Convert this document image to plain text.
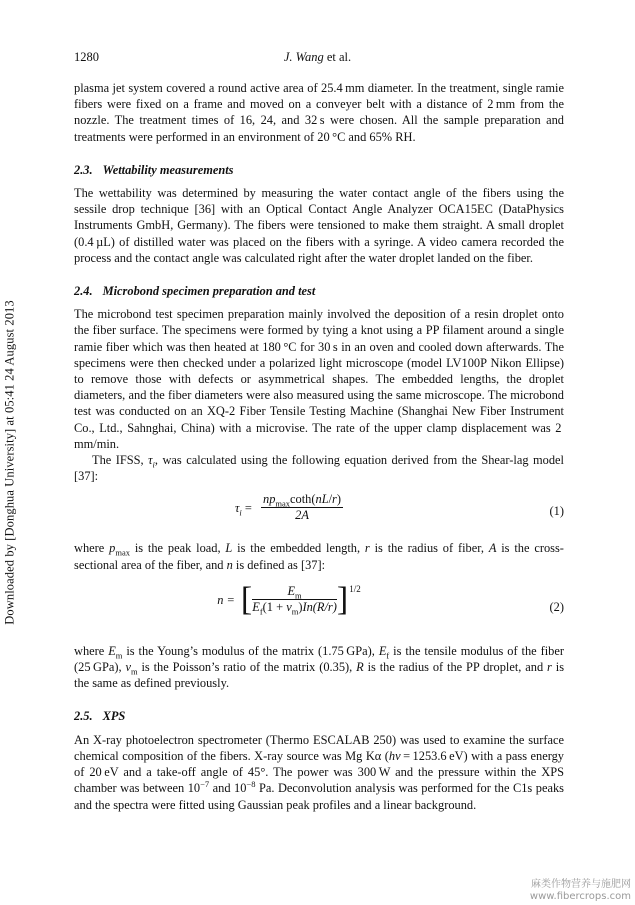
Downloaded by [Donghua University] at 05:41 24 August 2013
1280	J. Wang et al.

plasma jet system covered a round active area of 25.4 mm diameter. In the treatment, single ramie fibers were fixed on a frame and moved on a conveyer belt with a distance of 2 mm from the nozzle. The treatment times of 16, 24, and 32 s were chosen. All the sample preparation and treatments were performed in an environment of 20 °C and 65% RH.

2.3. Wettability measurements

The wettability was determined by measuring the water contact angle of the fibers using the sessile drop technique [36] with an Optical Contact Angle Analyzer OCA15EC (DataPhysics Instruments GmbH, Germany). The fibers were tensioned to make them straight. A small droplet (0.4 µL) of distilled water was placed on the fibers with a syringe. A video camera recorded the process and the contact angle was calculated right after the water droplet landed on the fiber.

2.4. Microbond specimen preparation and test

The microbond test specimen preparation mainly involved the deposition of a resin droplet onto the fiber surface. The specimens were formed by tying a knot using a PP filament around a single ramie fiber which was then heated at 180 °C for 30 s in an oven and cooled down afterwards. The specimens were then checked under a polarized light microscope (model LV100P Nikon Ellipse) to remove those with defects or asymmetrical shapes. The embedded lengths, the droplet diameters, and the fiber diameters were also measured using the same microscope. The microbond test was conducted on an XQ-2 Fiber Tensile Testing Machine (Shanghai New Fiber Instrument Co., Ltd., Sahnghai, China) with a microvise. The rate of the upper clamp displacement was 2 mm/min.

The IFSS, $\tau_i$, was calculated using the following equation derived from the Shear-lag model [37]:

$\tau_i = \frac{np_{max}\cot h(nL/r)}{2A}$	(1)

where $p_{max}$ is the peak load, L is the embedded length, r is the radius of fiber, A is the cross-sectional area of the fiber, and n is defined as [37]:

n = [ $\frac{E_m}{E_f(1 + v_m)In(R/r)} ]1/2$
(2)

where $E_m$ is the Young’s modulus of the matrix (1.75 GPa), $E_f$ is the tensile modulus of the fiber (25 GPa), $v_m$ is the Poisson’s ratio of the matrix (0.35), R is the radius of the PP droplet, and r is the same as defined previously.

2.5. XPS

An X-ray photoelectron spectrometer (Thermo ESCALAB 250) was used to examine the surface chemical composition of the fibers. X-ray source was Mg Kα (hν = 1253.6 eV) with a pass energy of 20 eV and a take-off angle of 45°. The power was 300 W and the pressure within the XPS chamber was between $10^{-7}$ and $10^{-8}$ Pa. Deconvolution analysis was performed for the C1s peaks and the spectra were fitted using Gaussian peak profiles and a linear background.

麻类作物营养与施肥网
www.fibercrops.com
